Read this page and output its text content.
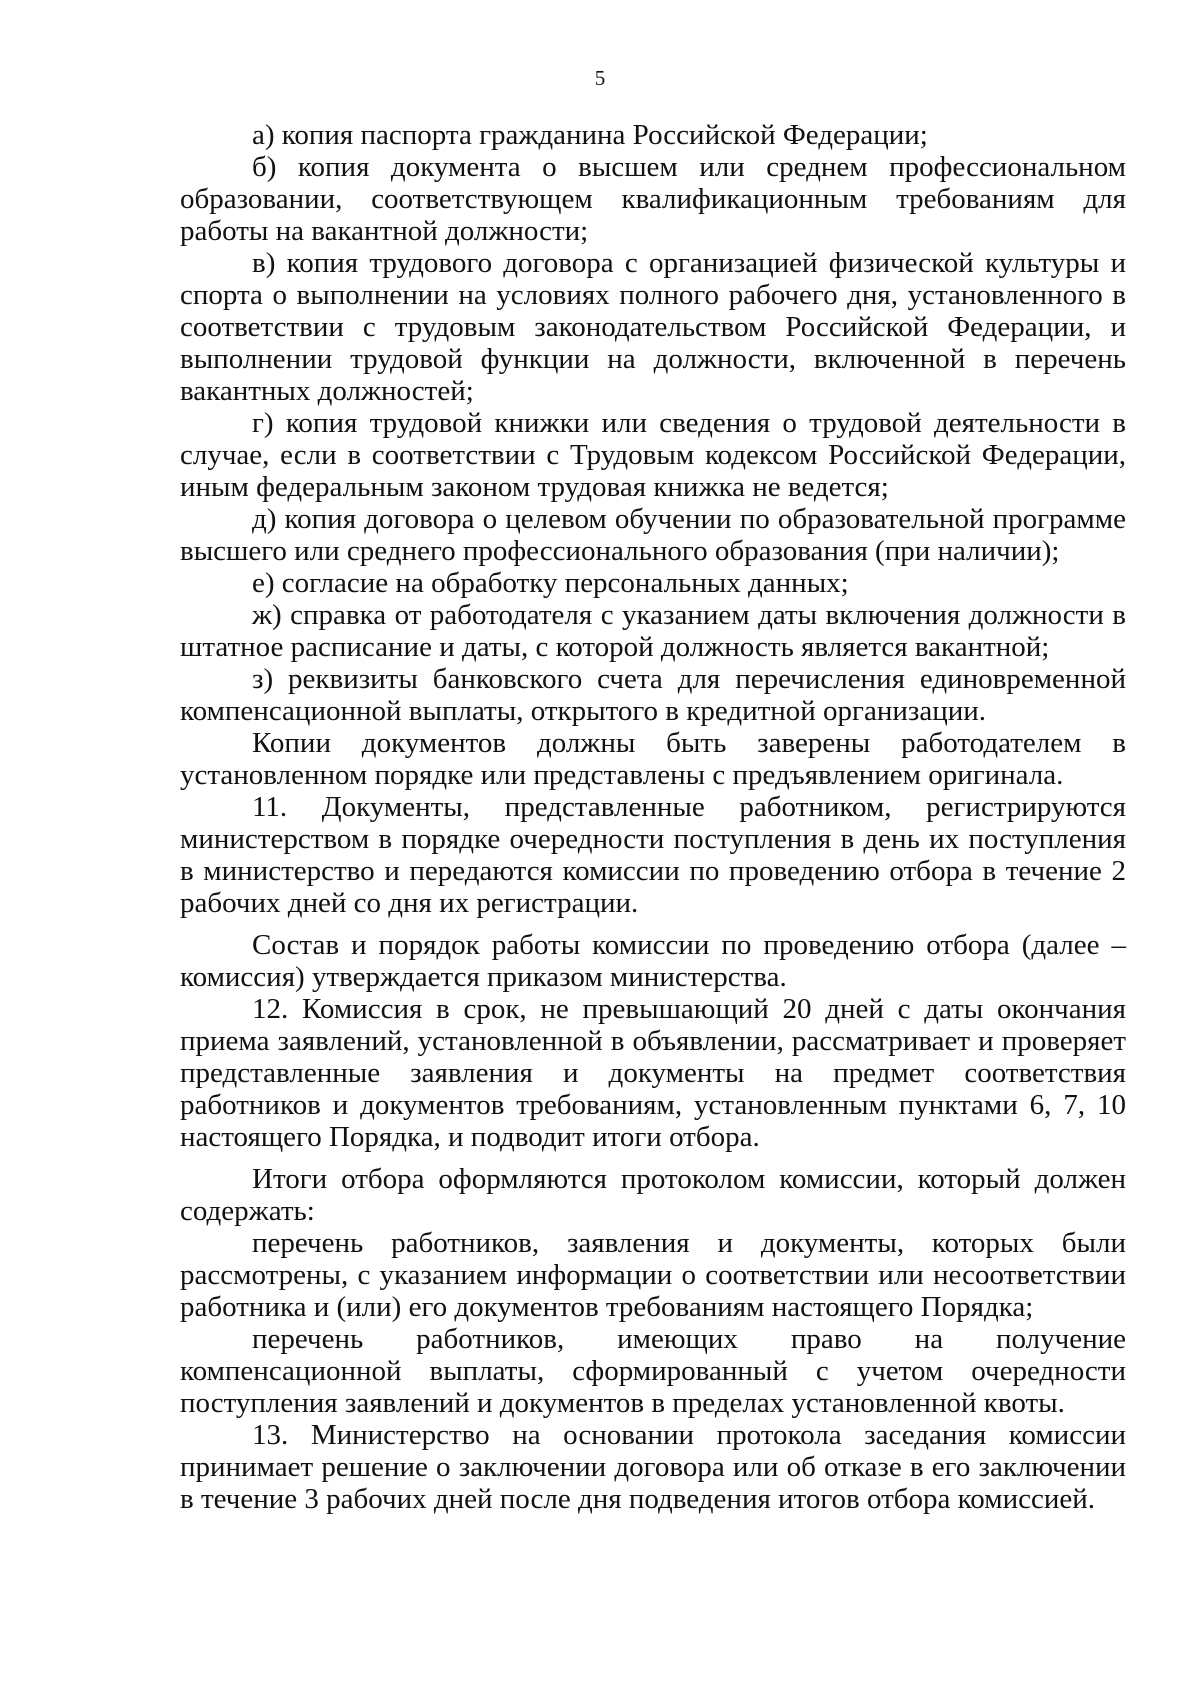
5

а) копия паспорта гражданина Российской Федерации;

б) копия документа о высшем или среднем профессиональном образовании, соответствующем квалификационным требованиям для работы на вакантной должности;

в) копия трудового договора с организацией физической культуры и спорта о выполнении на условиях полного рабочего дня, установленного в соответствии с трудовым законодательством Российской Федерации, и выполнении трудовой функции на должности, включенной в перечень вакантных должностей;

г) копия трудовой книжки или сведения о трудовой деятельности в случае, если в соответствии с Трудовым кодексом Российской Федерации, иным федеральным законом трудовая книжка не ведется;

д) копия договора о целевом обучении по образовательной программе высшего или среднего профессионального образования (при наличии);

е) согласие на обработку персональных данных;

ж) справка от работодателя с указанием даты включения должности в штатное расписание и даты, с которой должность является вакантной;

з) реквизиты банковского счета для перечисления единовременной компенсационной выплаты, открытого в кредитной организации.

Копии документов должны быть заверены работодателем в установленном порядке или представлены с предъявлением оригинала.

11. Документы, представленные работником, регистрируются министерством в порядке очередности поступления в день их поступления в министерство и передаются комиссии по проведению отбора в течение 2 рабочих дней со дня их регистрации.

Состав и порядок работы комиссии по проведению отбора (далее – комиссия) утверждается приказом министерства.

12. Комиссия в срок, не превышающий 20 дней с даты окончания приема заявлений, установленной в объявлении, рассматривает и проверяет представленные заявления и документы на предмет соответствия работников и документов требованиям, установленным пунктами 6, 7, 10 настоящего Порядка, и подводит итоги отбора.

Итоги отбора оформляются протоколом комиссии, который должен содержать:

перечень работников, заявления и документы, которых были рассмотрены, с указанием информации о соответствии или несоответствии работника и (или) его документов требованиям настоящего Порядка;

перечень работников, имеющих право на получение компенсационной выплаты, сформированный с учетом очередности поступления заявлений и документов в пределах установленной квоты.

13. Министерство на основании протокола заседания комиссии принимает решение о заключении договора или об отказе в его заключении в течение 3 рабочих дней после дня подведения итогов отбора комиссией.
